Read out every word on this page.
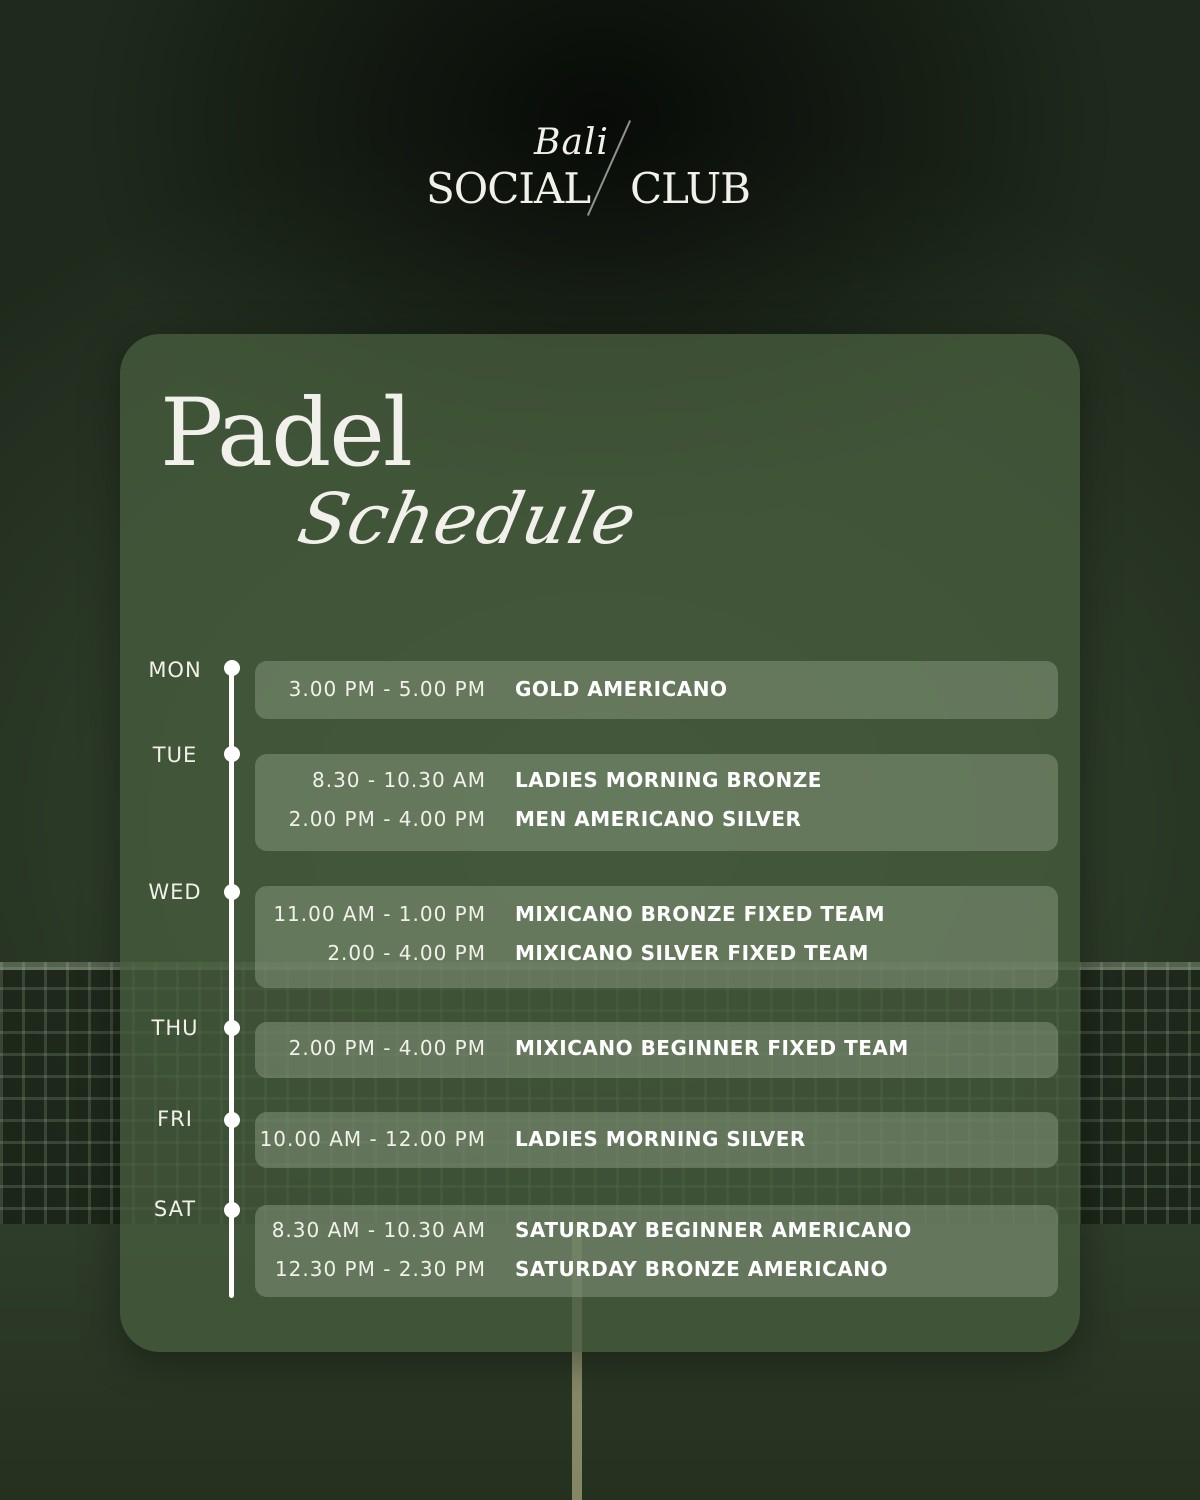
Bali
SOCIAL CLUB
Padel
Schedule
MON
3.00 PM - 5.00 PM GOLD AMERICANO
TUE
8.30 - 10.30 AM LADIES MORNING BRONZE
2.00 PM - 4.00 PM MEN AMERICANO SILVER
WED
11.00 AM - 1.00 PM MIXICANO BRONZE FIXED TEAM
2.00 - 4.00 PM MIXICANO SILVER FIXED TEAM
THU
2.00 PM - 4.00 PM MIXICANO BEGINNER FIXED TEAM
FRI
10.00 AM - 12.00 PM LADIES MORNING SILVER
SAT
8.30 AM - 10.30 AM SATURDAY BEGINNER AMERICANO
12.30 PM - 2.30 PM SATURDAY BRONZE AMERICANO
